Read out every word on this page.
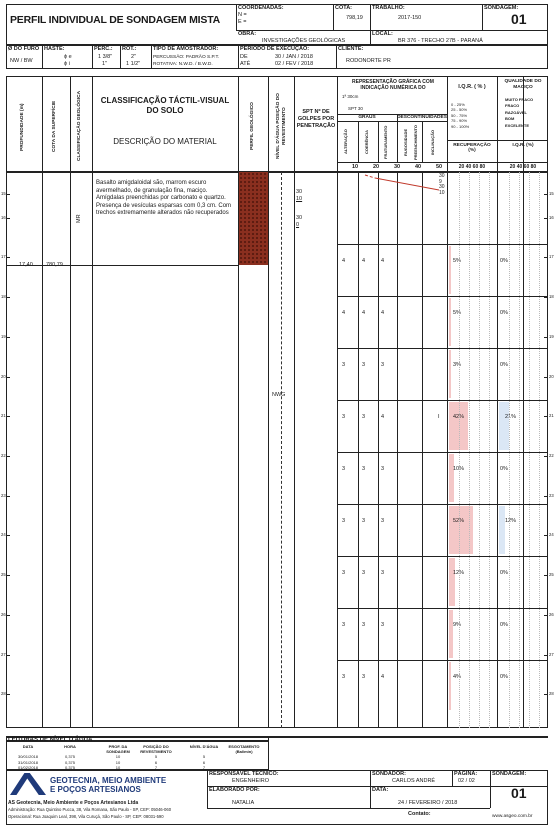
PERFIL INDIVIDUAL DE SONDAGEM MISTA
COORDENADAS:
N =
E =
COTA:
798,19
TRABALHO:
2017-150
SONDAGEM:
01
OBRA:
INVESTIGAÇÕES GEOLÓGICAS
LOCAL:
BR 376 - TRECHO 27B - PARANÁ
Ø DO FURO
NW / BW
HASTE:
ϕ e
ϕ i
PERC.:
1 3/8"
1"
ROT.:
2"
1 1/2"
TIPO DE AMOSTRADOR:
PERCUSSÃO: PADRÃO S.P.T.
ROTATIVA: N.W.D. / B.W.D.
PERÍODO DE EXECUÇÃO:
DE	30 / JAN / 2018
ATÉ	02 / FEV / 2018
CLIENTE:
RODONORTE PR
PROFUNDIDADE (m)	COTA DA SUPERFÍCIE	CLASSIFICAÇÃO GEOLÓGICA	CLASSIFICAÇÃO TÁCTIL-VISUAL DO SOLO
DESCRIÇÃO DO MATERIAL	PERFIL GEOLÓGICO	NÍVEL D'ÁGUA POSIÇÃO DO REVESTIMENTO	SPT Nº DE GOLPES POR PENETRAÇÃO
REPRESENTAÇÃO GRÁFICA COM INDICAÇÃO NUMÉRICA DO
1ª 30cm
SPT 30
GRAUS	DESCONTINUIDADES
ALTERAÇÃO	COERÊNCIA	FRATURAMENTO	RUGOSIDADE PREENCHIMENTO	INCLINAÇÃO
10	20	30	40	50
I.Q.R. ( % )
QUALIDADE DO MACIÇO
0 - 25%
25 - 50%
50 - 75%
75 - 90%
90 - 100%
MUITO FRACO
FRACO
RAZOÁVEL
BOM
EXCELENTE
RECUPERAÇÃO (%)
I.Q.R. (%)
20 40 60 80	20 40 60 80
Basalto amigdaloidal são, marrom escuro avermelhado, de granulação fina, maciço. Amígdalas preenchidas por carbonato e quartzo. Presença de vesículas esparsas com 0,3 cm. Com trechos extremamente alterados não recuperados
MR
17,40 780,79
NWG
30
10
30
0
30
9
30
10
15	15
16	16
17	17
18	18
19	19
20	20
21	21
22	22
23	23
24	24
25	25
26	26
27	27
28	28
4	4	4	5%	0%
4	4	4	5%	0%
3	3	3	3%	0%
3	3	4	I 42%	21%
3	3	3	10%	0%
3	3	3	52%	12%
3	3	3	12%	0%
3	3	3	9%	0%
3	3	4	4%	0%
LEITURAS DE NÍVEL D'ÁGUA
DATA	HORA	PROF. DA SONDAGEM
POSIÇÃO DO REVESTIMENTO
NÍVEL D'ÁGUA	ESGOTAMENTO (Bal/min)
30/01/2018	0,375	10	5	5
31/01/2018	0,375	10	6	6
01/02/2018	0,375	10	7	7
GEOTECNIA, MEIO AMBIENTE
E POÇOS ARTESIANOS
AS Geotecnia, Meio Ambiente e Poços Artesianos Ltda
Administração: Rua Quintino Pucca, 38, Vila Romana, São Paulo - SP, CEP: 05046-060
Operacional: Rua Joaquim Leal, 398, Vila Curuçá, São Paulo - SP, CEP: 08031-590
RESPONSÁVEL TÉCNICO:
ENGENHEIRO
SONDADOR:
CARLOS ANDRÉ
PÁGINA:
02 / 02
SONDAGEM:
01
ELABORADO POR:
NATALIA
DATA:
24 / FEVEREIRO / 2018
Contato:	www.asgeo.com.br
